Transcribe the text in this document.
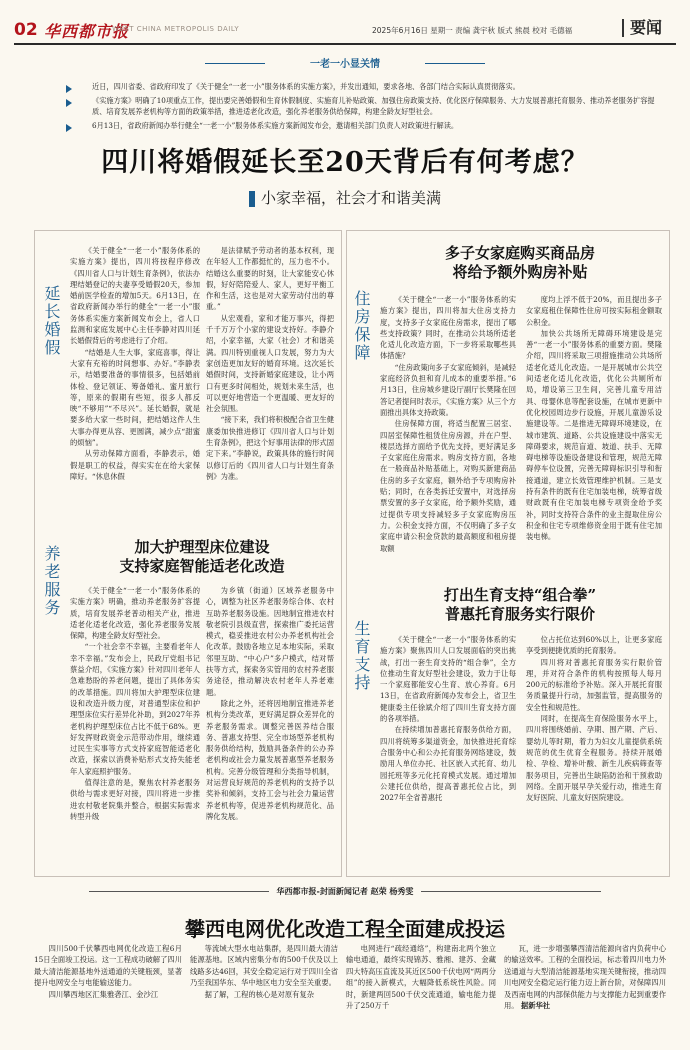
02 华西都市报
WEST CHINA METROPOLIS DAILY	2025年6月16日 星期一 责编 龚宇秋 版式 熊晨 校对 毛德福	要闻
一老一小显关情
近日，四川省委、省政府印发了《关于健全“一老一小”服务体系的实施方案》，并发出通知，要求各地、各部门结合实际认真贯彻落实。
《实施方案》明确了10项重点工作，提出要完善婚假和生育休假制度、实施育儿补贴政策、加强住房政策支持、优化医疗保障服务、大力发展普惠托育服务、推动养老服务扩容提质、培育发展养老机构等方面的政策举措，推进适老化改造，强化养老服务供给保障，构建全龄友好型社会。
6月13日，省政府新闻办举行健全“一老一小”服务体系实施方案新闻发布会，邀请相关部门负责人对政策进行解读。
四川将婚假延长至20天背后有何考虑？
小家幸福，社会才和谐美满
延长婚假

《关于健全“一老一小”服务体系的实施方案》提出，四川将按程序修改《四川省人口与计划生育条例》，依法办理结婚登记的夫妻享受婚假20天，参加婚前医学检查的增加5天。6月13日，在省政府新闻办举行的健全“一老一小”服务体系实施方案新闻发布会上，省人口监测和家庭发展中心主任李静对四川延长婚假背后的考虑进行了介绍。

“结婚是人生大事，家庭喜事，得让大家有充裕的时间想事、办好。”李静表示，结婚要准备的事情很多，包括婚前体检、登记领证、筹备婚礼、蜜月旅行等，原来的假期有些短，很多人都反映“不够用”“不尽兴”。延长婚假，就是要多给大家一些时间，把结婚这件人生大事办得更从容、更圆满，减少点“甜蜜的烦恼”。

从劳动保障方面看，李静表示，婚假是职工的权益，得实实在在给大家保障好。“休息休假

是法律赋予劳动者的基本权利，现在年轻人工作都挺忙的，压力也不小。结婚这么重要的时刻，让大家能安心休假，好好陪陪爱人、家人，更好平衡工作和生活，这也是对大家劳动付出的尊重。”

从宏观看，家和才能万事兴，得把千千万万个小家的建设支持好。李静介绍，小家幸福，大家（社会）才和谐美满。四川特别重视人口发展，努力为大家创造更加友好的婚育环境。这次延长婚假时间，支持新婚家庭建设，让小两口有更多时间相处，规划未来生活，也可以更好地营造一个更温暖、更友好的社会氛围。

“接下来，我们将积极配合省卫生健康委加快推进修订《四川省人口与计划生育条例》，把这个好事用法律的形式固定下来。”李静说，政策具体的施行时间以修订后的《四川省人口与计划生育条例》为准。

加大护理型床位建设
支持家庭智能适老化改造
养老服务	《关于健全“一老一小”服务体系的实施方案》明确，推动养老服务扩容提质，培育发展养老普动相关产业，推进适老化适老化改造，强化养老服务发展保障，构建全龄友好型社会。

“一个社会幸不幸福，主要看老年人幸不幸福。”发布会上，民政厅党组书记蔡益介绍，《实施方案》针对四川老年人急难愁盼的养老问题，提出了具体务实的改革措施。四川将加大护理型床位建设和改造升级力度，对普通型床位和护理型床位实行差异化补助，到2027年养老机构护理型床位占比不低于68%。更好发挥财政资金示范带动作用，继续通过民生实事等方式支持家庭智能适老化改造，探索以消费补贴形式支持失能老年人家庭照护服务。

值得注意的是，聚焦农村养老服务供给与需求更好对接，四川将进一步推进农村敬老院集并整合，根据实际需求转型升级

为乡镇（街道）区域养老服务中心，调整为社区养老服务综合体、农村互助养老服务设施。因地制宜推进农村敬老院引县级直营，探索推广委托运营模式，稳妥推进农村公办养老机构社会化改革。鼓励各地立足本地实际，采取邻里互助、“中心户”多户模式，结对帮扶等方式，探索务实管用的农村养老服务途径，推动解决农村老年人养老难题。

除此之外，还将因地制宜推进养老机构分类改革，更好满足群众差异化的养老服务需求。调整完善医养结合服务、普惠支持型、完全市场型养老机构服务供给结构，鼓励具备条件的公办养老机构或社会力量发展普惠型养老服务机构。完善分级管理和分类指导机制，对运营良好规范的养老机构的支持予以奖补和倾斜，支持工会与社会力量运营养老机构等，促进养老机构规范化、品牌化发展。

住房保障
多子女家庭购买商品房
将给予额外购房补贴

《关于健全“一老一小”服务体系的实施方案》提出，四川将加大住房支持力度，支持多子女家庭住房需求，提出了哪些支持政策？同时，在推动公共场所适老化适儿化改造方面，下一步将采取哪些具体措施？

“住房政策向多子女家庭倾斜，是减轻家庭经济负担和育儿成本的重要举措。”6月13日，住房城乡建设厅副厅长樊隆在回答记者提问时表示，《实施方案》从三个方面推出具体支持政策。

住房保障方面，将适当配置三居室、四居室保障性租赁住房房源，并在户型、楼层选择方面给予优先支持，更好满足多子女家庭住房需求。购房支持方面，各地在一般商品补贴基础上，对购买新建商品住房的多子女家庭，额外给予专项购房补贴；同时，在各类拆迁安置中，对选择房票安置的多子女家庭，给予额外奖励，通过提供专项支持减轻多子女家庭购房压力。公积金支持方面，不仅明确了多子女家庭申请公积金贷款的最高额度和租房提取额

度均上浮不低于20%，而且提出多子女家庭租住保障性住房可按实际租金额取公积金。

加快公共场所无障碍环境建设是完善“一老一小”服务体系的重要方面。樊隆介绍，四川将采取三项措施推动公共场所适老化适儿化改造。一是开展城市公共空间适老化适儿化改造，优化公共厕所布局，增设第三卫生间，完善儿童专用洁具、母婴休息等配套设施，在城市更新中优化校园周边步行设施，开展儿童游乐设施建设等。二是推进无障碍环境建设，在城市建筑、道路、公共设施建设中落实无障碍要求，规范盲道、坡道、扶手、无障碍电梯等设施设备建设和管理，规范无障碍停车位设置，完善无障碍标识引导和衔接通道，建立长效管理维护机制。三是支持有条件的既有住宅加装电梯，统筹省级财政既有住宅加装电梯专项资金给予奖补，同时支持符合条件的业主提取住房公积金和住宅专项维修资金用于既有住宅加装电梯。

生育支持
打出生育支持“组合拳”
普惠托育服务实行限价

《关于健全“一老一小”服务体系的实施方案》聚焦四川人口发展面临的突出挑战，打出一套生育支持的“组合拳”，全方位推动生育友好型社会建设，致力于让每一个家庭都能安心生育、放心养育。6月13日，在省政府新闻办发布会上，省卫生健康委主任徐斌介绍了四川生育支持方面的各项举措。

在持续增加普惠托育服务供给方面，四川将统筹多渠道资金，加快推进托育综合服务中心和公办托育服务网络建设，鼓励用人单位办托、社区嵌入式托育、幼儿园托班等多元化托育模式发展。通过增加公建托位供给，提高普惠托位占比，到2027年全省普惠托

位占托位达到60%以上，让更多家庭享受到便捷优质的托育服务。

四川将对普惠托育服务实行限价管理，并对符合条件的机构按照每人每月200元的标准给予补贴。深入开展托育服务质量提升行动，加强监管，提高服务的安全性和规范性。

同时，在提高生育保险服务水平上，四川将围绕婚前、孕期、围产期、产后、婴幼儿等时期，着力为妇女儿童提供系统规范的优生优育全程服务。持续开展婚检、孕检、增补叶酸、新生儿疾病筛查等服务项目，完善出生缺陷防治和干预救助网络。全面开展早孕关爱行动，推进生育友好医院、儿童友好医院建设。

华西都市报-封面新闻记者 赵荣 杨秀雯
攀西电网优化改造工程全面建成投运

四川500千伏攀西电网优化改造工程6月15日全面竣工投运。这一工程成功破解了四川最大清洁能源基地外送通道的关键瓶颈，显著提升电网安全与电能输送能力。

四川攀西地区汇集雅砻江、金沙江

等流域大型水电站集群，是四川最大清洁能源基地。区域内密集分布的500千伏及以上线路多达46回，其安全稳定运行对于四川全省乃至我国华东、华中地区电力安全至关重要。

据了解，工程的核心是对原有复杂

电网进行“疏经通络”，构建南北两个独立输电通道，最终实现锦苏、雅湘、建苏、金藏四大特高压直流及其近区500千伏电网“两两分组”的接入新模式，大幅降低系统性风险。同时，新建两回500千伏交流通道，输电能力提升了250万千

瓦，进一步增强攀西清洁能源向省内负荷中心的输送效率。工程的全面投运，标志着四川电力外送通道与大型清洁能源基地实现关键衔接，推动四川电网安全稳定运行能力迈上新台阶，对保障四川及西南电网的内部保供能力与支撑能力起到重要作用。 据新华社
